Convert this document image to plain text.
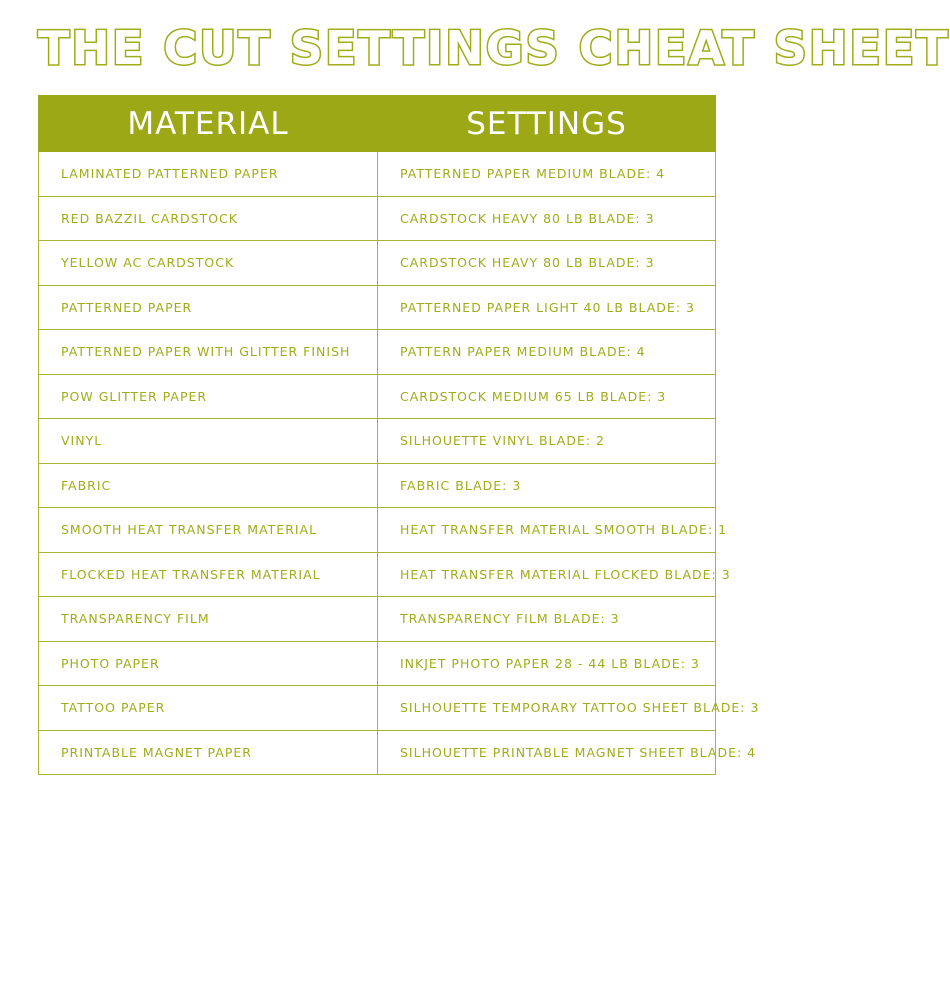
THE CUT SETTINGS CHEAT SHEET
MATERIAL	SETTINGS
LAMINATED PATTERNED PAPER	PATTERNED PAPER MEDIUM BLADE: 4
RED BAZZIL CARDSTOCK	CARDSTOCK HEAVY 80 LB BLADE: 3
YELLOW AC CARDSTOCK	CARDSTOCK HEAVY 80 LB BLADE: 3
PATTERNED PAPER	PATTERNED PAPER LIGHT 40 LB BLADE: 3
PATTERNED PAPER WITH GLITTER FINISH	PATTERN PAPER MEDIUM BLADE: 4
POW GLITTER PAPER	CARDSTOCK MEDIUM 65 LB BLADE: 3
VINYL	SILHOUETTE VINYL BLADE: 2
FABRIC	FABRIC BLADE: 3
SMOOTH HEAT TRANSFER MATERIAL	HEAT TRANSFER MATERIAL SMOOTH BLADE: 1
FLOCKED HEAT TRANSFER MATERIAL	HEAT TRANSFER MATERIAL FLOCKED BLADE: 3
TRANSPARENCY FILM	TRANSPARENCY FILM BLADE: 3
PHOTO PAPER	INKJET PHOTO PAPER 28 - 44 LB BLADE: 3
TATTOO PAPER	SILHOUETTE TEMPORARY TATTOO SHEET BLADE: 3
PRINTABLE MAGNET PAPER	SILHOUETTE PRINTABLE MAGNET SHEET BLADE: 4
